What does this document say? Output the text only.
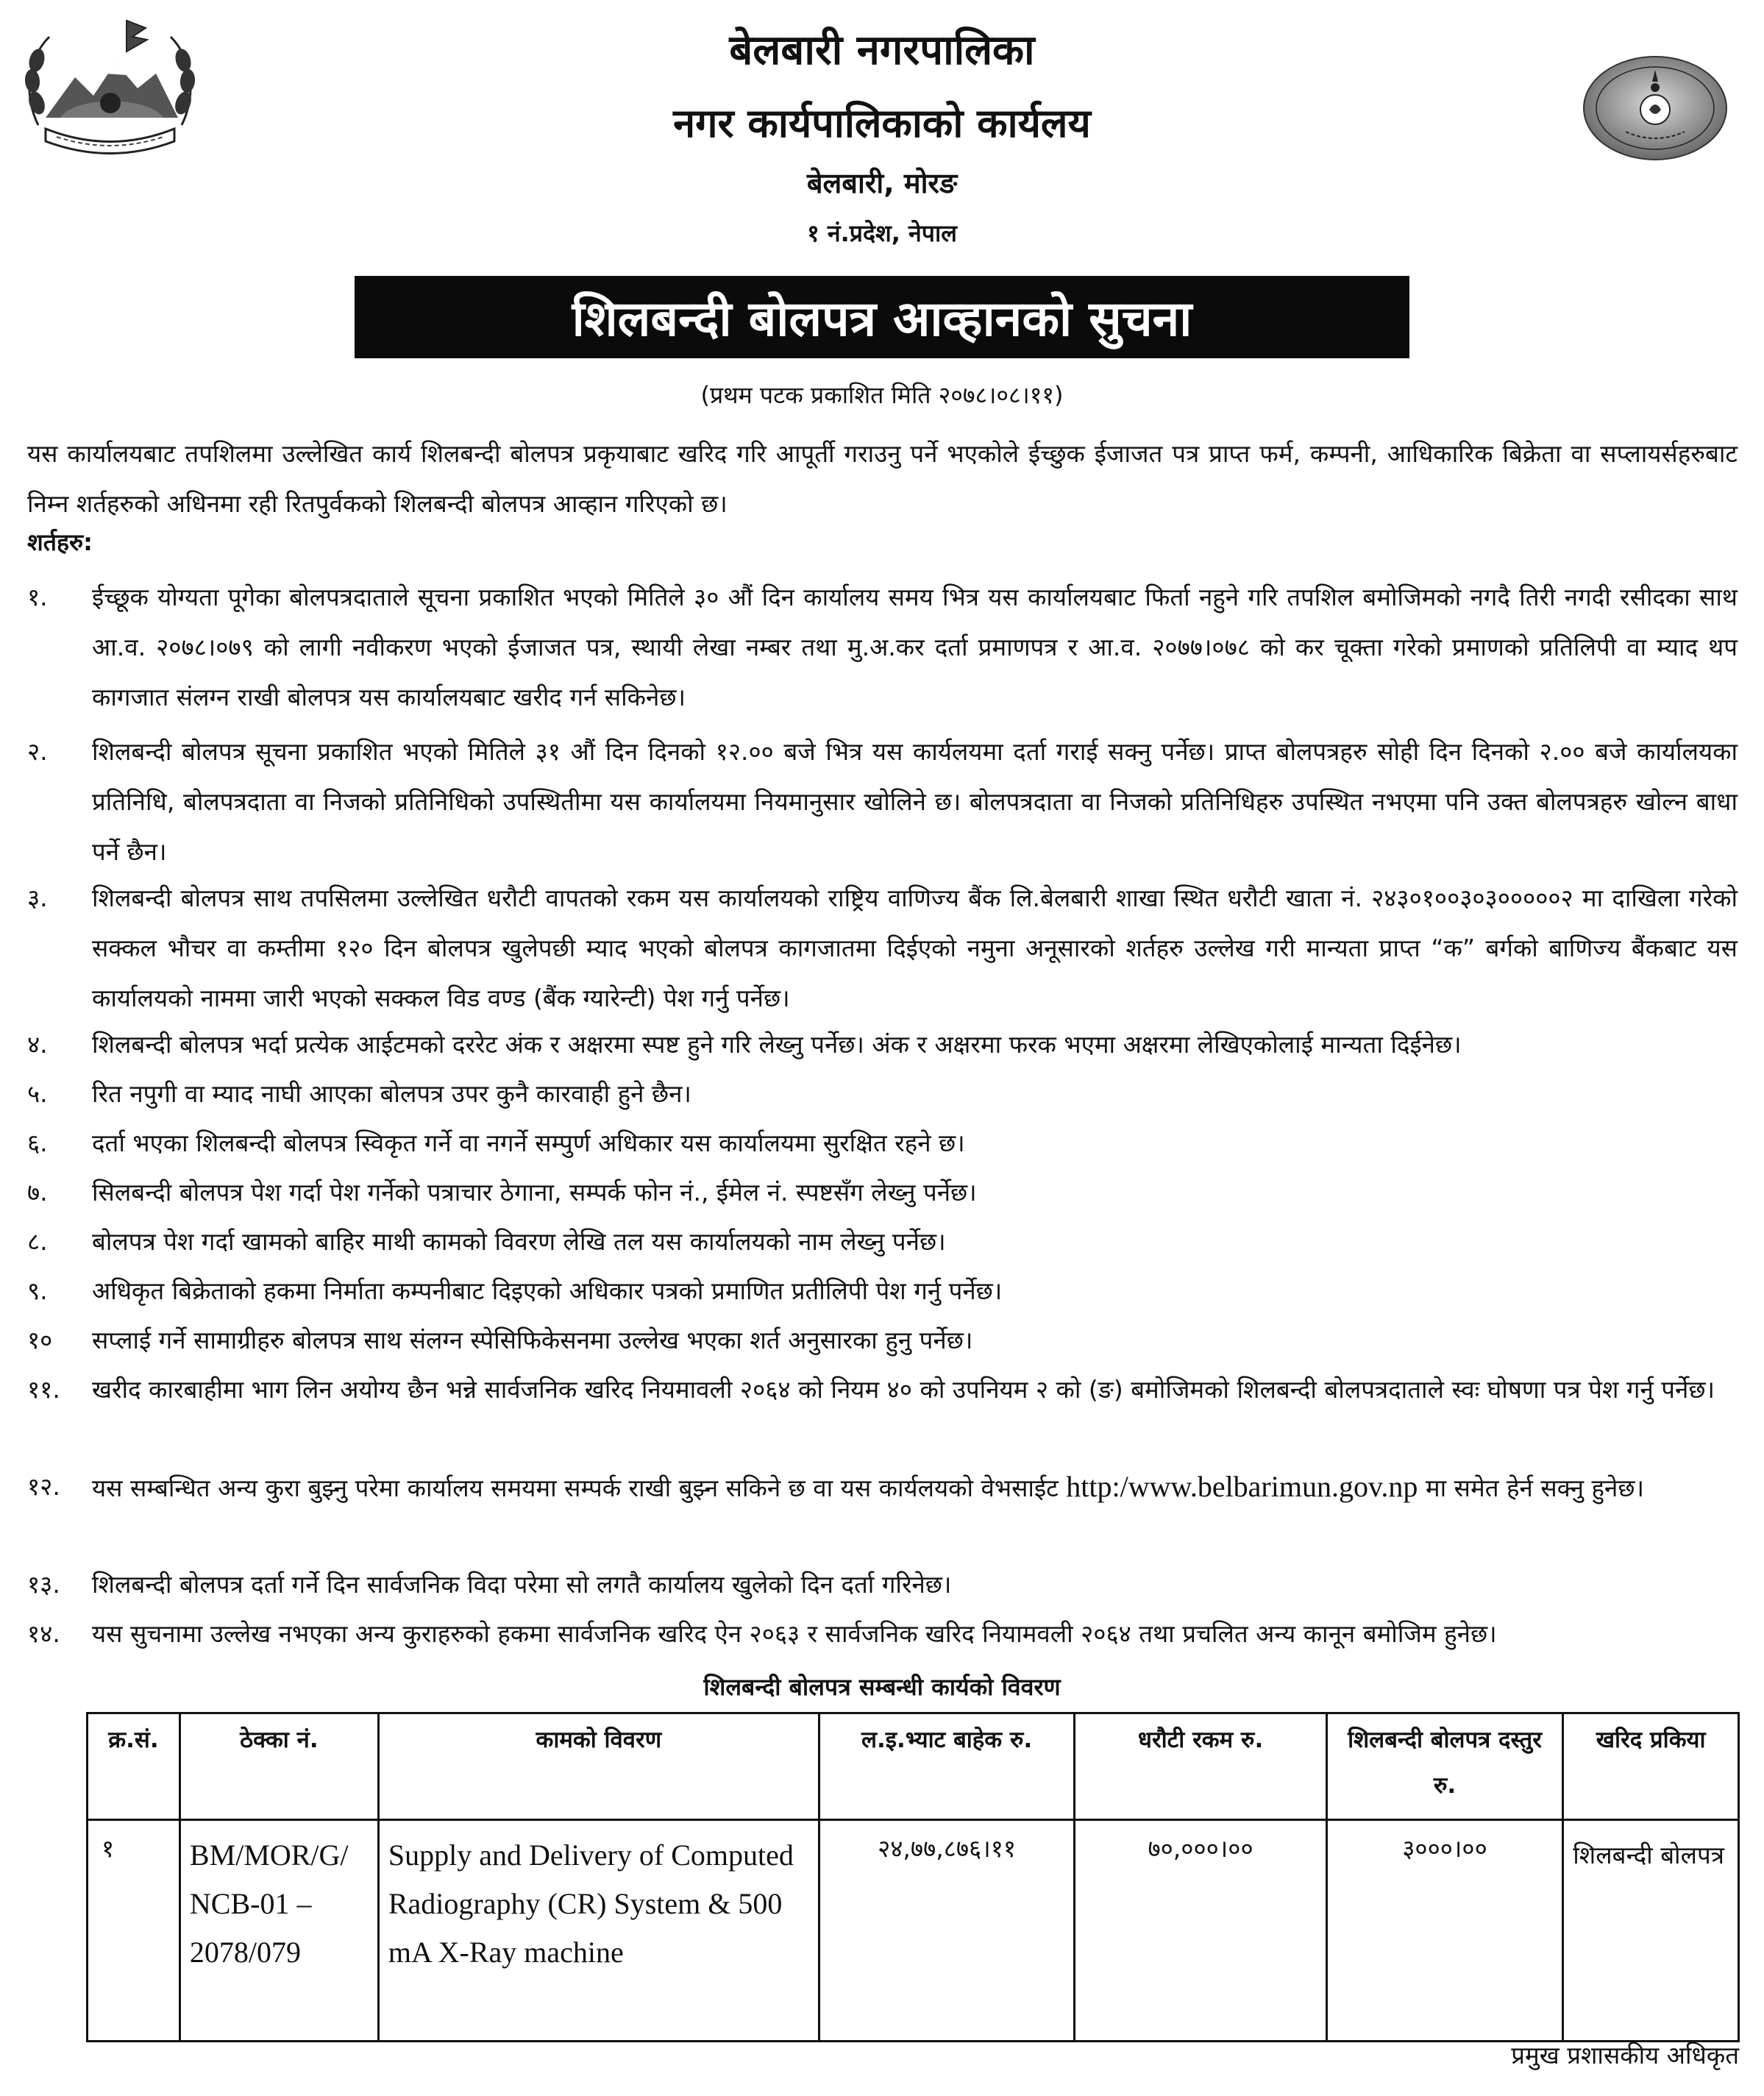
बेलबारी नगरपालिका
नगर कार्यपालिकाको कार्यलय
बेलबारी, मोरङ
१ नं.प्रदेश, नेपाल
शिलबन्दी बोलपत्र आव्हानको सुचना
(प्रथम पटक प्रकाशित मिति २०७८।०८।११)
यस कार्यालयबाट तपशिलमा उल्लेखित कार्य शिलबन्दी बोलपत्र प्रकृयाबाट खरिद गरि आपूर्ती गराउनु पर्ने भएकोले ईच्छुक ईजाजत पत्र प्राप्त फर्म, कम्पनी, आधिकारिक बिक्रेता वा सप्लायर्सहरुबाट निम्न शर्तहरुको अधिनमा रही रितपुर्वकको शिलबन्दी बोलपत्र आव्हान गरिएको छ।
शर्तहरु:
१.	ईच्छूक योग्यता पूगेका बोलपत्रदाताले सूचना प्रकाशित भएको मितिले ३० औं दिन कार्यालय समय भित्र यस कार्यालयबाट फिर्ता नहुने गरि तपशिल बमोजिमको नगदै तिरी नगदी रसीदका साथ आ.व. २०७८।०७९ को लागी नवीकरण भएको ईजाजत पत्र, स्थायी लेखा नम्बर तथा मु.अ.कर दर्ता प्रमाणपत्र र आ.व. २०७७।०७८ को कर चूक्ता गरेको प्रमाणको प्रतिलिपी वा म्याद थप कागजात संलग्न राखी बोलपत्र यस कार्यालयबाट खरीद गर्न सकिनेछ।
२.	शिलबन्दी बोलपत्र सूचना प्रकाशित भएको मितिले ३१ औं दिन दिनको १२.०० बजे भित्र यस कार्यलयमा दर्ता गराई सक्नु पर्नेछ। प्राप्त बोलपत्रहरु सोही दिन दिनको २.०० बजे कार्यालयका प्रतिनिधि, बोलपत्रदाता वा निजको प्रतिनिधिको उपस्थितीमा यस कार्यालयमा नियमानुसार खोलिने छ। बोलपत्रदाता वा निजको प्रतिनिधिहरु उपस्थित नभएमा पनि उक्त बोलपत्रहरु खोल्न बाधा पर्ने छैन।
३.	शिलबन्दी बोलपत्र साथ तपसिलमा उल्लेखित धरौटी वापतको रकम यस कार्यालयको राष्ट्रिय वाणिज्य बैंक लि.बेलबारी शाखा स्थित धरौटी खाता नं. २४३०१००३०३०००००२ मा दाखिला गरेको सक्कल भौचर वा कम्तीमा १२० दिन बोलपत्र खुलेपछी म्याद भएको बोलपत्र कागजातमा दिईएको नमुना अनूसारको शर्तहरु उल्लेख गरी मान्यता प्राप्त “क” बर्गको बाणिज्य बैंकबाट यस कार्यालयको नाममा जारी भएको सक्कल विड वण्ड (बैंक ग्यारेन्टी) पेश गर्नु पर्नेछ।
४.	शिलबन्दी बोलपत्र भर्दा प्रत्येक आईटमको दररेट अंक र अक्षरमा स्पष्ट हुने गरि लेख्नु पर्नेछ। अंक र अक्षरमा फरक भएमा अक्षरमा लेखिएकोलाई मान्यता दिईनेछ।
५.	रित नपुगी वा म्याद नाघी आएका बोलपत्र उपर कुनै कारवाही हुने छैन।
६.	दर्ता भएका शिलबन्दी बोलपत्र स्विकृत गर्ने वा नगर्ने सम्पुर्ण अधिकार यस कार्यालयमा सुरक्षित रहने छ।
७.	सिलबन्दी बोलपत्र पेश गर्दा पेश गर्नेको पत्राचार ठेगाना, सम्पर्क फोन नं., ईमेल नं. स्पष्टसँग लेख्नु पर्नेछ।
८.	बोलपत्र पेश गर्दा खामको बाहिर माथी कामको विवरण लेखि तल यस कार्यालयको नाम लेख्नु पर्नेछ।
९.	अधिकृत बिक्रेताको हकमा निर्माता कम्पनीबाट दिइएको अधिकार पत्रको प्रमाणित प्रतीलिपी पेश गर्नु पर्नेछ।
१०	सप्लाई गर्ने सामाग्रीहरु बोलपत्र साथ संलग्न स्पेसिफिकेसनमा उल्लेख भएका शर्त अनुसारका हुनु पर्नेछ।
११.	खरीद कारबाहीमा भाग लिन अयोग्य छैन भन्ने सार्वजनिक खरिद नियमावली २०६४ को नियम ४० को उपनियम २ को (ङ) बमोजिमको शिलबन्दी बोलपत्रदाताले स्वः घोषणा पत्र पेश गर्नु पर्नेछ।
१२.	यस सम्बन्धित अन्य कुरा बुझ्नु परेमा कार्यालय समयमा सम्पर्क राखी बुझ्न सकिने छ वा यस कार्यलयको वेभसाईट http:/www.belbarimun.gov.np मा समेत हेर्न सक्नु हुनेछ।
१३.	शिलबन्दी बोलपत्र दर्ता गर्ने दिन सार्वजनिक विदा परेमा सो लगतै कार्यालय खुलेको दिन दर्ता गरिनेछ।
१४.	यस सुचनामा उल्लेख नभएका अन्य कुराहरुको हकमा सार्वजनिक खरिद ऐन २०६३ र सार्वजनिक खरिद नियामवली २०६४ तथा प्रचलित अन्य कानून बमोजिम हुनेछ।
शिलबन्दी बोलपत्र सम्बन्धी कार्यको विवरण
क्र.सं.	ठेक्का नं.	कामको विवरण	ल.इ.भ्याट बाहेक रु.	धरौटी रकम रु.	शिलबन्दी बोलपत्र दस्तुर रु.	खरिद प्रकिया
१	BM/MOR/G/ NCB-01 – 2078/079	Supply and Delivery of Computed Radiography (CR) System & 500 mA X-Ray machine	२४,७७,८७६।११	७०,०००।००	३०००।००	शिलबन्दी बोलपत्र
प्रमुख प्रशासकीय अधिकृत
